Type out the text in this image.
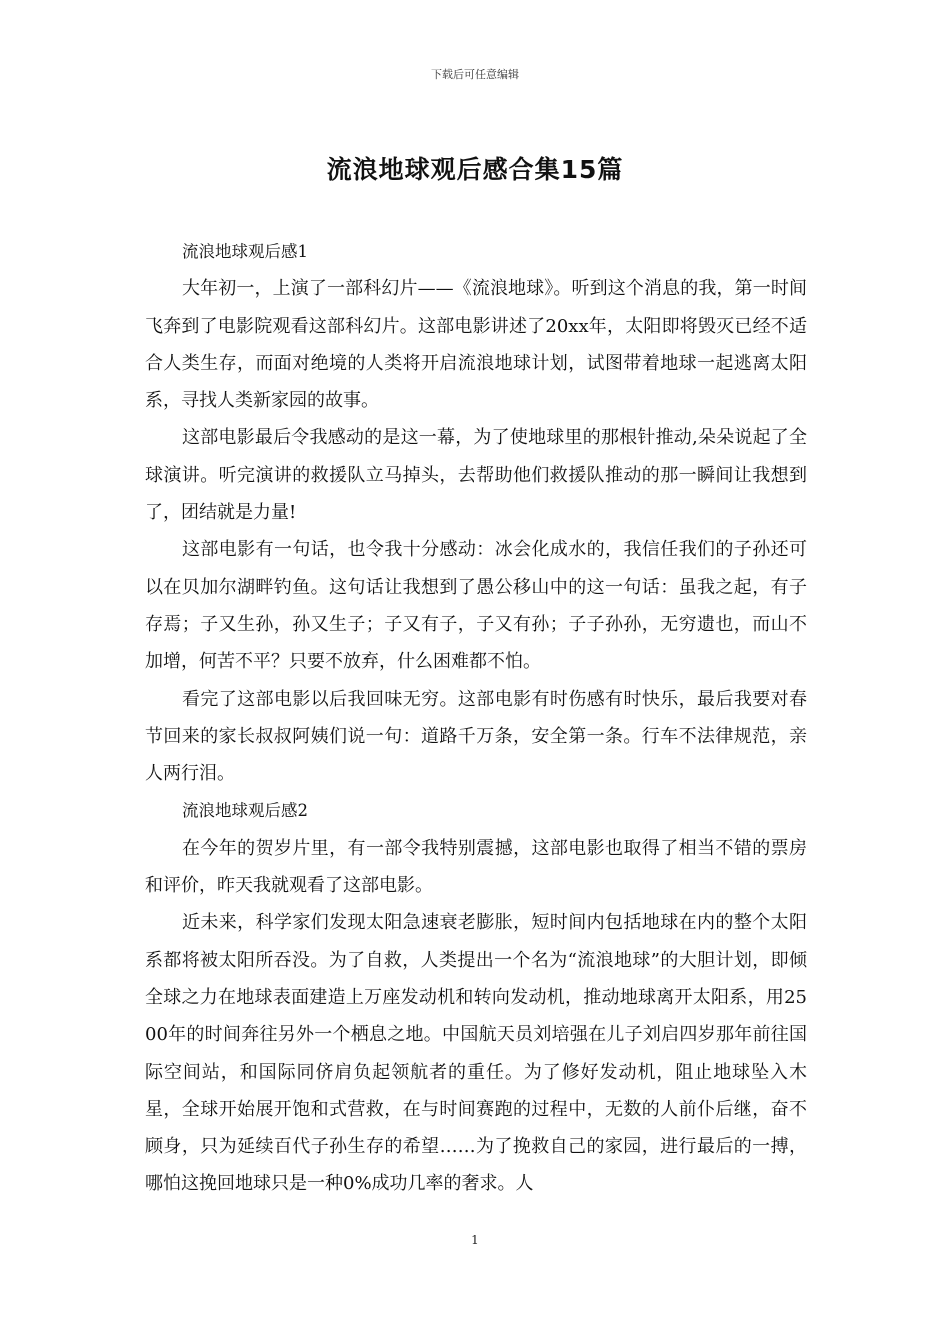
下载后可任意编辑
流浪地球观后感合集15篇
流浪地球观后感1

大年初一，上演了一部科幻片——《流浪地球》。听到这个消息的我，第一时间飞奔到了电影院观看这部科幻片。这部电影讲述了20xx年，太阳即将毁灭已经不适合人类生存，而面对绝境的人类将开启流浪地球计划，试图带着地球一起逃离太阳系，寻找人类新家园的故事。

这部电影最后令我感动的是这一幕，为了使地球里的那根针推动,朵朵说起了全球演讲。听完演讲的救援队立马掉头，去帮助他们救援队推动的那一瞬间让我想到了，团结就是力量!

这部电影有一句话，也令我十分感动：冰会化成水的，我信任我们的子孙还可以在贝加尔湖畔钓鱼。这句话让我想到了愚公移山中的这一句话：虽我之起，有子存焉；子又生孙，孙又生子；子又有子，子又有孙；子子孙孙，无穷遗也，而山不加增，何苦不平？只要不放弃，什么困难都不怕。

看完了这部电影以后我回味无穷。这部电影有时伤感有时快乐，最后我要对春节回来的家长叔叔阿姨们说一句：道路千万条，安全第一条。行车不法律规范，亲人两行泪。

流浪地球观后感2

在今年的贺岁片里，有一部令我特别震撼，这部电影也取得了相当不错的票房和评价，昨天我就观看了这部电影。

近未来，科学家们发现太阳急速衰老膨胀，短时间内包括地球在内的整个太阳系都将被太阳所吞没。为了自救，人类提出一个名为“流浪地球”的大胆计划，即倾全球之力在地球表面建造上万座发动机和转向发动机，推动地球离开太阳系，用2500年的时间奔往另外一个栖息之地。中国航天员刘培强在儿子刘启四岁那年前往国际空间站，和国际同侪肩负起领航者的重任。为了修好发动机，阻止地球坠入木星，全球开始展开饱和式营救，在与时间赛跑的过程中，无数的人前仆后继，奋不顾身，只为延续百代子孙生存的希望……为了挽救自己的家园，进行最后的一搏，哪怕这挽回地球只是一种0%成功几率的奢求。人

1
